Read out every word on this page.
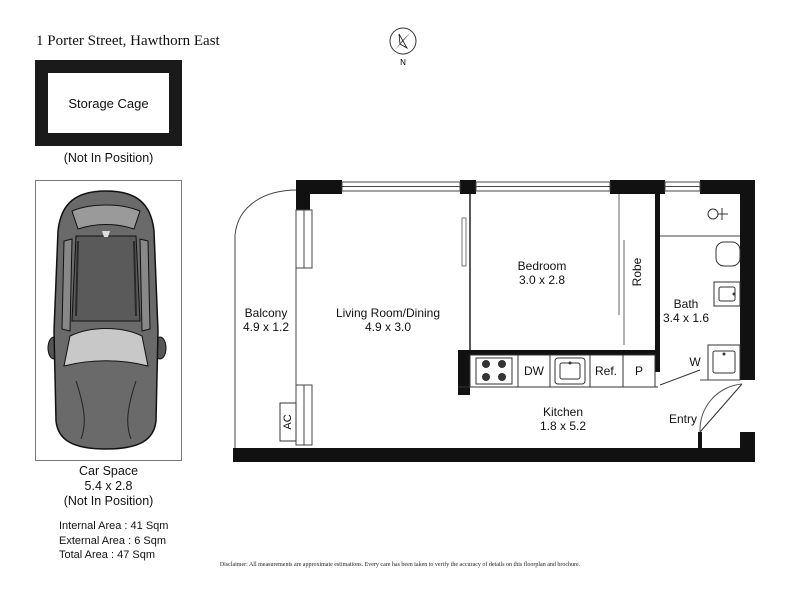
1 Porter Street, Hawthorn East
N
Storage Cage
(Not In Position)
Car Space
5.4 x 2.8
(Not In Position)
Internal Area : 41 Sqm
External Area : 6 Sqm
Total Area : 47 Sqm
AC
DW	Ref. P
W
Balcony
4.9 x 1.2
Living Room/Dining
4.9 x 3.0
Bedroom
3.0 x 2.8	Robe
Bath
3.4 x 1.6
Kitchen
1.8 x 5.2	Entry
Disclaimer: All measurements are approximate estimations. Every care has been taken to verify the accuracy of details on this floorplan and brochure.
